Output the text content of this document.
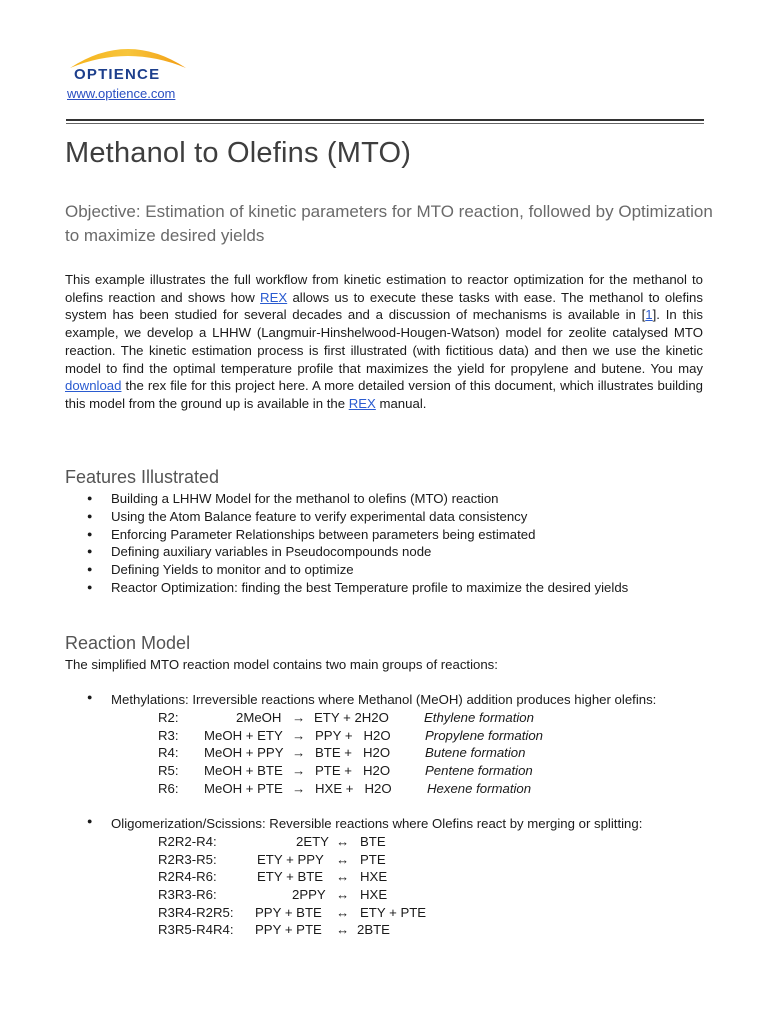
OPTIENCE
www.optience.com
Methanol to Olefins (MTO)

Objective: Estimation of kinetic parameters for MTO reaction, followed by Optimization to maximize desired yields

This example illustrates the full workflow from kinetic estimation to reactor optimization for the methanol to olefins reaction and shows how REX allows us to execute these tasks with ease. The methanol to olefins system has been studied for several decades and a discussion of mechanisms is available in [1]. In this example, we develop a LHHW (Langmuir-Hinshelwood-Hougen-Watson) model for zeolite catalysed MTO reaction. The kinetic estimation process is first illustrated (with fictitious data) and then we use the kinetic model to find the optimal temperature profile that maximizes the yield for propylene and butene. You may download the rex file for this project here. A more detailed version of this document, which illustrates building this model from the ground up is available in the REX manual.

Features Illustrated
● Building a LHHW Model for the methanol to olefins (MTO) reaction
● Using the Atom Balance feature to verify experimental data consistency
● Enforcing Parameter Relationships between parameters being estimated
● Defining auxiliary variables in Pseudocompounds node
● Defining Yields to monitor and to optimize
● Reactor Optimization: finding the best Temperature profile to maximize the desired yields
Reaction Model

The simplified MTO reaction model contains two main groups of reactions:

● Methylations: Irreversible reactions where Methanol (MeOH) addition produces higher olefins:
R2:	2MeOH → ETY + 2H2O	Ethylene formation
R3: MeOH + ETY → PPY +   H2O	Propylene formation
R4: MeOH + PPY → BTE +   H2O	Butene formation
R5: MeOH + BTE → PTE +   H2O	Pentene formation
R6: MeOH + PTE → HXE +   H2O	Hexene formation
● Oligomerization/Scissions: Reversible reactions where Olefins react by merging or splitting:
R2R2-R4:	2ETY ↔ BTE
R2R3-R5:	ETY + PPY ↔ PTE
R2R4-R6:	ETY + BTE ↔ HXE
R3R3-R6:	2PPY ↔ HXE
R3R4-R2R5: PPY + BTE ↔ ETY + PTE
R3R5-R4R4: PPY + PTE ↔ 2BTE
